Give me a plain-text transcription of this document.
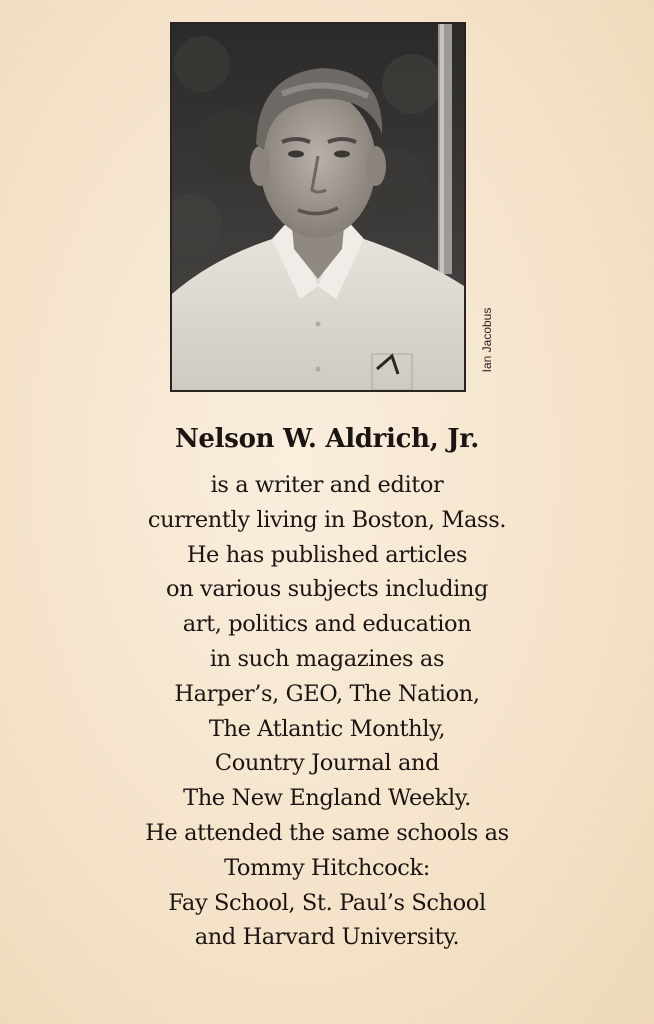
Ian Jacobus
Nelson W. Aldrich, Jr.
is a writer and editor
currently living in Boston, Mass.
He has published articles
on various subjects including
art, politics and education
in such magazines as
Harper’s, GEO, The Nation,
The Atlantic Monthly,
Country Journal and
The New England Weekly.
He attended the same schools as
Tommy Hitchcock:
Fay School, St. Paul’s School
and Harvard University.
